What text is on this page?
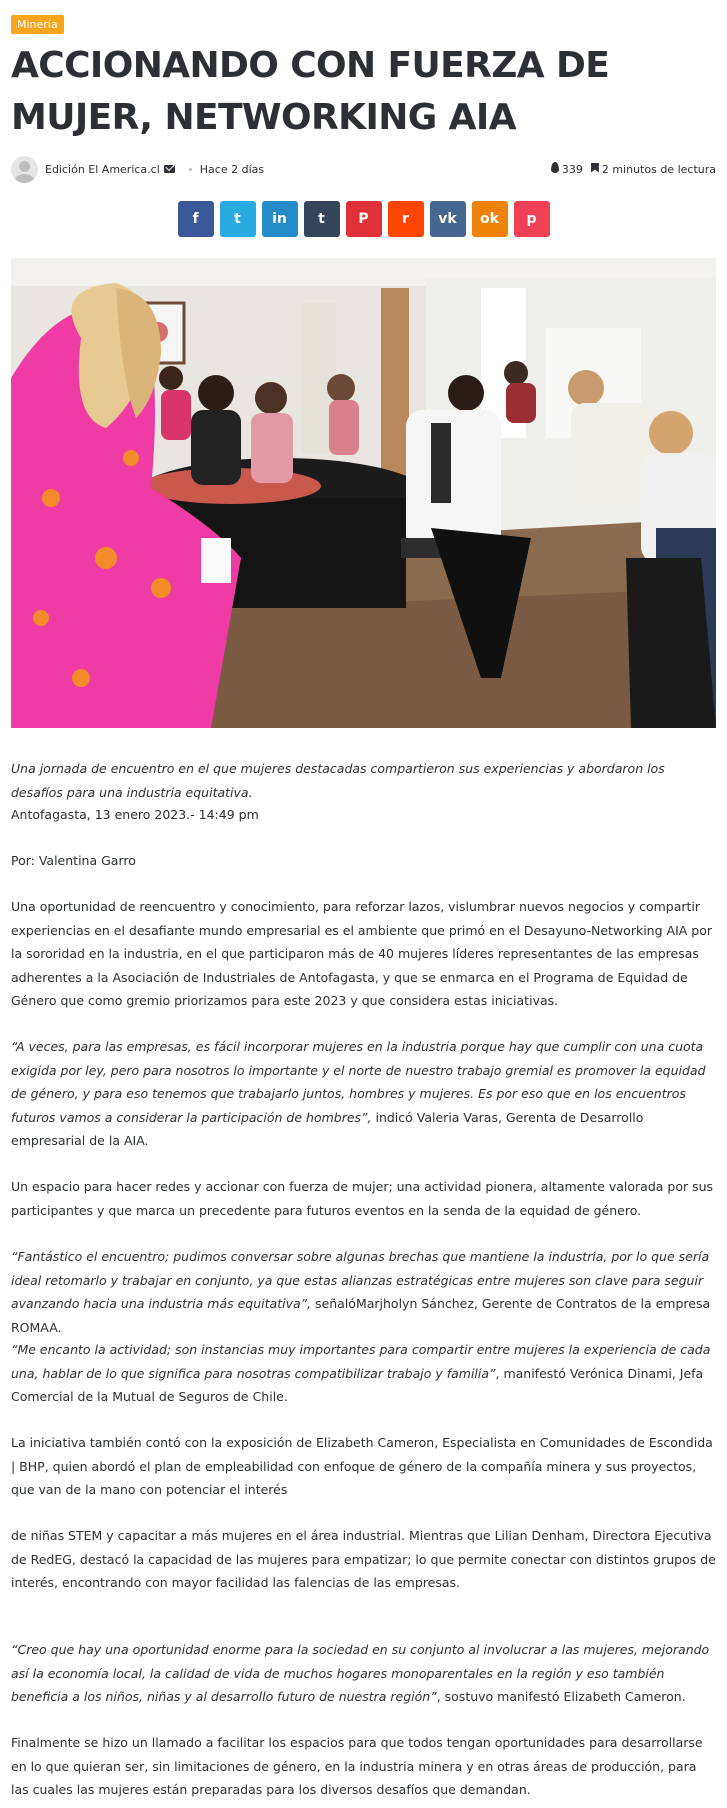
Minería
ACCIONANDO CON FUERZA DE MUJER, NETWORKING AIA
Edición El America.cl	Hace 2 días	339	2 minutos de lectura
f	t in t P r vk ok p

Una jornada de encuentro en el que mujeres destacadas compartieron sus experiencias y abordaron los desafíos para una industria equitativa.

Antofagasta, 13 enero 2023.- 14:49 pm

Por: Valentina Garro

Una oportunidad de reencuentro y conocimiento, para reforzar lazos, vislumbrar nuevos negocios y compartir experiencias en el desafiante mundo empresarial es el ambiente que primó en el Desayuno-Networking AIA por la sororidad en la industria, en el que participaron más de 40 mujeres líderes representantes de las empresas adherentes a la Asociación de Industriales de Antofagasta, y que se enmarca en el Programa de Equidad de Género que como gremio priorizamos para este 2023 y que considera estas iniciativas.

“A veces, para las empresas, es fácil incorporar mujeres en la industria porque hay que cumplir con una cuota exigida por ley, pero para nosotros lo importante y el norte de nuestro trabajo gremial es promover la equidad de género, y para eso tenemos que trabajarlo juntos, hombres y mujeres. Es por eso que en los encuentros futuros vamos a considerar la participación de hombres”, indicó Valeria Varas, Gerenta de Desarrollo empresarial de la AIA.

Un espacio para hacer redes y accionar con fuerza de mujer; una actividad pionera, altamente valorada por sus participantes y que marca un precedente para futuros eventos en la senda de la equidad de género.

“Fantástico el encuentro; pudimos conversar sobre algunas brechas que mantiene la industria, por lo que sería ideal retomarlo y trabajar en conjunto, ya que estas alianzas estratégicas entre mujeres son clave para seguir avanzando hacia una industria más equitativa”, señalóMarjholyn Sánchez, Gerente de Contratos de la empresa ROMAA.

“Me encanto la actividad; son instancias muy importantes para compartir entre mujeres la experiencia de cada una, hablar de lo que significa para nosotras compatibilizar trabajo y familia”, manifestó Verónica Dinami, Jefa Comercial de la Mutual de Seguros de Chile.

La iniciativa también contó con la exposición de Elizabeth Cameron, Especialista en Comunidades de Escondida | BHP, quien abordó el plan de empleabilidad con enfoque de género de la compañía minera y sus proyectos, que van de la mano con potenciar el interés

de niñas STEM y capacitar a más mujeres en el área industrial. Mientras que Lilian Denham, Directora Ejecutiva de RedEG, destacó la capacidad de las mujeres para empatizar; lo que permite conectar con distintos grupos de interés, encontrando con mayor facilidad las falencias de las empresas.

“Creo que hay una oportunidad enorme para la sociedad en su conjunto al involucrar a las mujeres, mejorando así la economía local, la calidad de vida de muchos hogares monoparentales en la región y eso también beneficia a los niños, niñas y al desarrollo futuro de nuestra región”, sostuvo manifestó Elizabeth Cameron.

Finalmente se hizo un llamado a facilitar los espacios para que todos tengan oportunidades para desarrollarse en lo que quieran ser, sin limitaciones de género, en la industria minera y en otras áreas de producción, para las cuales las mujeres están preparadas para los diversos desafíos que demandan.
